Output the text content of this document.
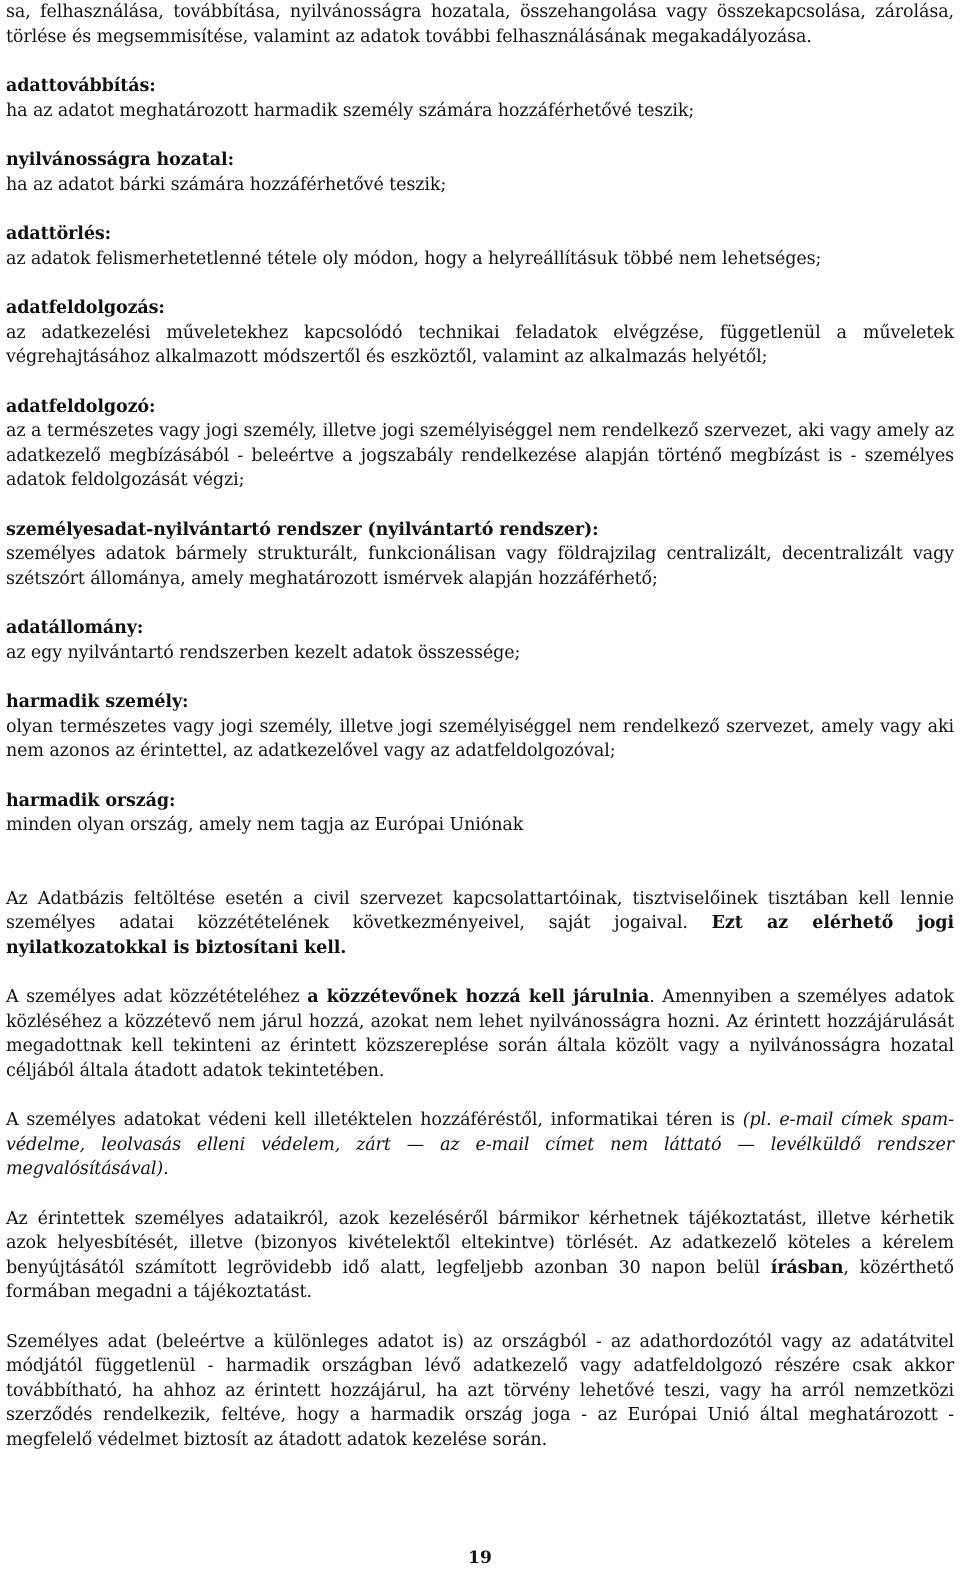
sa, felhasználása, továbbítása, nyilvánosságra hozatala, összehangolása vagy összekapcsolása, zárolása, törlése és megsemmisítése, valamint az adatok további felhasználásának megakadályozása.

adattovábbítás:
ha az adatot meghatározott harmadik személy számára hozzáférhetővé teszik;
nyilvánosságra hozatal:
ha az adatot bárki számára hozzáférhetővé teszik;
adattörlés:
az adatok felismerhetetlenné tétele oly módon, hogy a helyreállításuk többé nem lehetséges;
adatfeldolgozás:
az adatkezelési műveletekhez kapcsolódó technikai feladatok elvégzése, függetlenül a műveletek végrehajtásához alkalmazott módszertől és eszköztől, valamint az alkalmazás helyétől;
adatfeldolgozó:
az a természetes vagy jogi személy, illetve jogi személyiséggel nem rendelkező szervezet, aki vagy amely az adatkezelő megbízásából - beleértve a jogszabály rendelkezése alapján történő megbízást is - személyes adatok feldolgozását végzi;
személyesadat-nyilvántartó rendszer (nyilvántartó rendszer):
személyes adatok bármely strukturált, funkcionálisan vagy földrajzilag centralizált, decentralizált vagy szétszórt állománya, amely meghatározott ismérvek alapján hozzáférhető;
adatállomány:
az egy nyilvántartó rendszerben kezelt adatok összessége;
harmadik személy:
olyan természetes vagy jogi személy, illetve jogi személyiséggel nem rendelkező szervezet, amely vagy aki nem azonos az érintettel, az adatkezelővel vagy az adatfeldolgozóval;
harmadik ország:
minden olyan ország, amely nem tagja az Európai Uniónak

Az Adatbázis feltöltése esetén a civil szervezet kapcsolattartóinak, tisztviselőinek tisztában kell lennie személyes adatai közzétételének következményeivel, saját jogaival. Ezt az elérhető jogi nyilatkozatokkal is biztosítani kell.

A személyes adat közzétételéhez a közzétevőnek hozzá kell járulnia. Amennyiben a személyes adatok közléséhez a közzétevő nem járul hozzá, azokat nem lehet nyilvánosságra hozni. Az érintett hozzájárulását megadottnak kell tekinteni az érintett közszereplése során általa közölt vagy a nyilvánosságra hozatal céljából általa átadott adatok tekintetében.

A személyes adatokat védeni kell illetéktelen hozzáféréstől, informatikai téren is (pl. e-mail címek spam-védelme, leolvasás elleni védelem, zárt — az e-mail címet nem láttató — levélküldő rendszer megvalósításával).

Az érintettek személyes adataikról, azok kezeléséről bármikor kérhetnek tájékoztatást, illetve kérhetik azok helyesbítését, illetve (bizonyos kivételektől eltekintve) törlését. Az adatkezelő köteles a kérelem benyújtásától számított legrövidebb idő alatt, legfeljebb azonban 30 napon belül írásban, közérthető formában megadni a tájékoztatást.

Személyes adat (beleértve a különleges adatot is) az országból - az adathordozótól vagy az adatátvitel módjától függetlenül - harmadik országban lévő adatkezelő vagy adatfeldolgozó részére csak akkor továbbítható, ha ahhoz az érintett hozzájárul, ha azt törvény lehetővé teszi, vagy ha arról nemzetközi szerződés rendelkezik, feltéve, hogy a harmadik ország joga - az Európai Unió által meghatározott - megfelelő védelmet biztosít az átadott adatok kezelése során.

19
